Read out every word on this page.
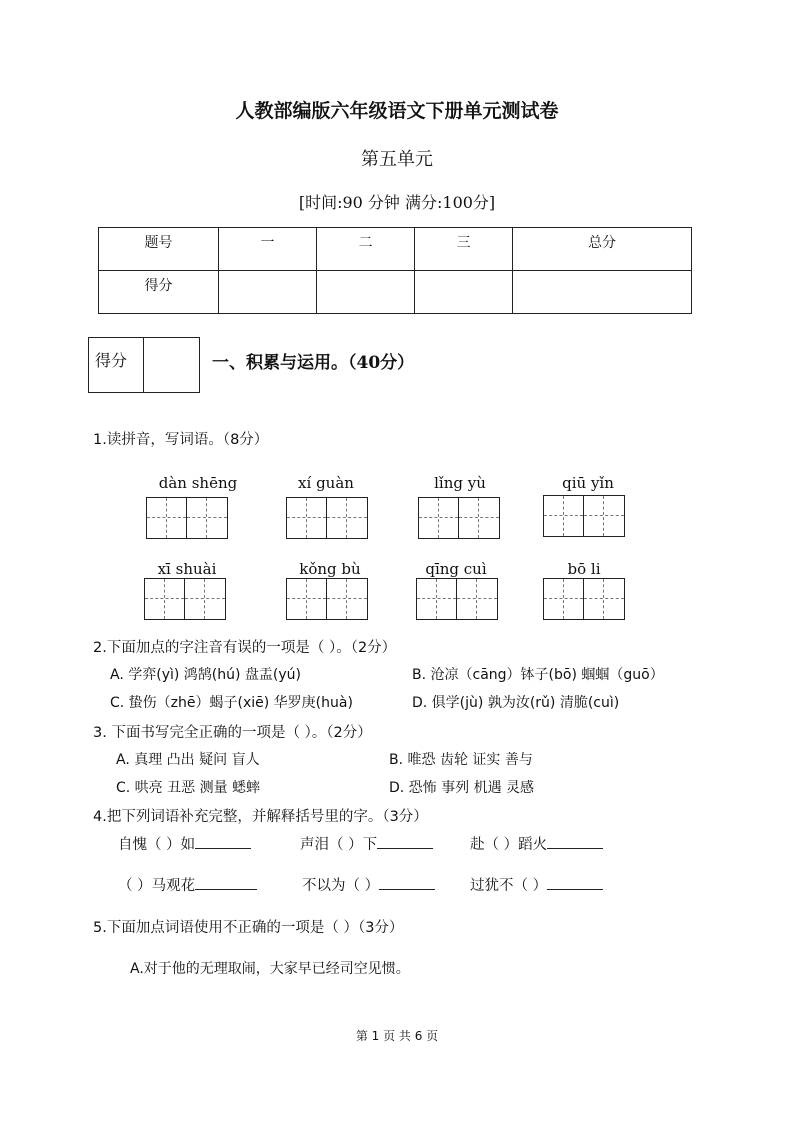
人教部编版六年级语文下册单元测试卷
第五单元
[时间:90 分钟 满分:100分]
题号	一	二	三	总分
得分				
得分	一、积累与运用。（40分）
1.读拼音，写词语。（8分）
dàn shēng	xí guàn	lǐng yù	qiū yǐn
xī shuài	kǒng bù	qīng cuì	bō li
2.下面加点的字注音有误的一项是（ ）。（2分）
A. 学弈(yì) 鸿鹄(hú) 盘盂(yú)	B. 沧凉（cāng）钵子(bō) 蝈蝈（guō）
C. 蛰伤（zhē）蝎子(xiē) 华罗庚(huà)	D. 俱学(jù) 孰为汝(rǔ) 清脆(cuì)
3. 下面书写完全正确的一项是（ ）。（2分）
A. 真理 凸出 疑问 盲人	B. 唯恐 齿轮 证实 善与
C. 哄亮 丑恶 测量 蟋蟀	D. 恐怖 事列 机遇 灵感
4.把下列词语补充完整，并解释括号里的字。（3分）
自愧（ ）如	声泪（ ）下	赴（ ）蹈火
（ ）马观花	不以为（ ）	过犹不（ ）
5.下面加点词语使用不正确的一项是（ ）（3分）
A.对于他的无理取闹，大家早已经司空见惯。
第 1 页 共 6 页
